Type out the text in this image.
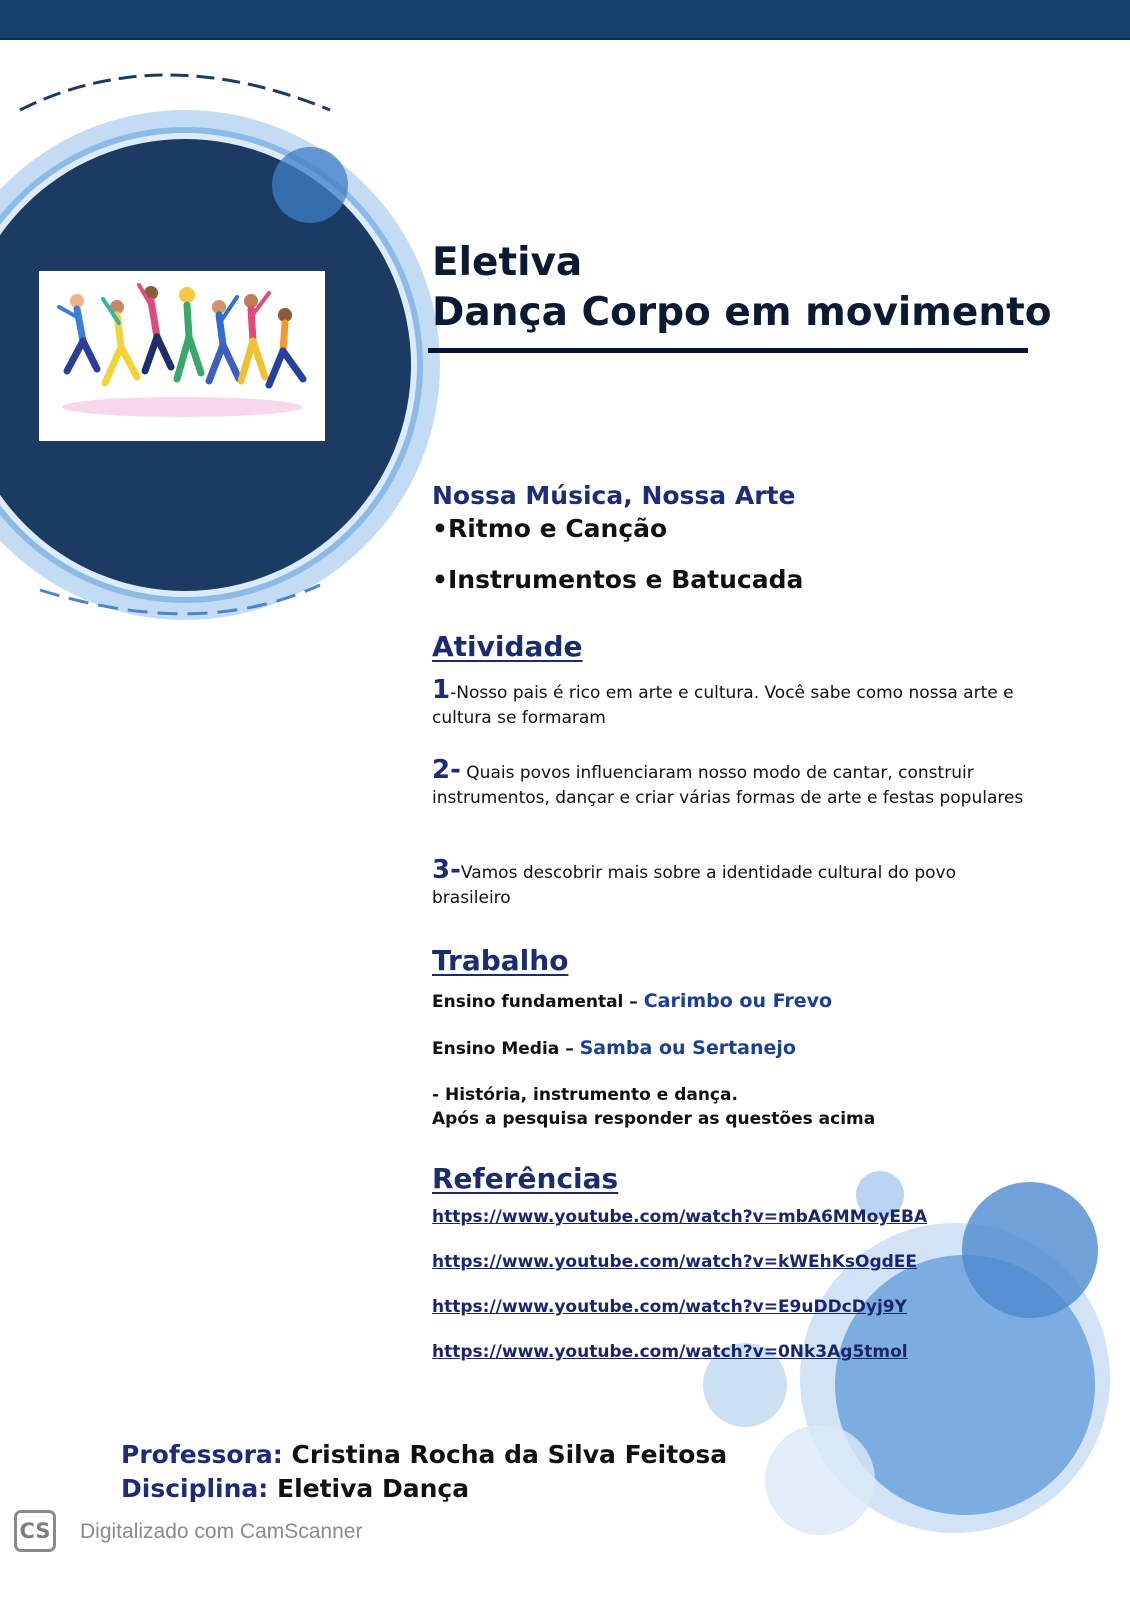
Eletiva
Dança Corpo em movimento
Nossa Música, Nossa Arte
•Ritmo e Canção
•Instrumentos e Batucada
Atividade
1-Nosso pais é rico em arte e cultura. Você sabe como nossa arte e cultura se formaram
2- Quais povos influenciaram nosso modo de cantar, construir instrumentos, dançar e criar várias formas de arte e festas populares
3-Vamos descobrir mais sobre a identidade cultural do povo brasileiro
Trabalho
Ensino fundamental – Carimbo ou Frevo
Ensino Media – Samba ou Sertanejo
- História, instrumento e dança.
Após a pesquisa responder as questões acima
Referências
https://www.youtube.com/watch?v=mbA6MMoyEBA
https://www.youtube.com/watch?v=kWEhKsOgdEE
https://www.youtube.com/watch?v=E9uDDcDyj9Y
https://www.youtube.com/watch?v=0Nk3Ag5tmol
Professora: Cristina Rocha da Silva Feitosa
Disciplina: Eletiva Dança
CS Digitalizado com CamScanner
